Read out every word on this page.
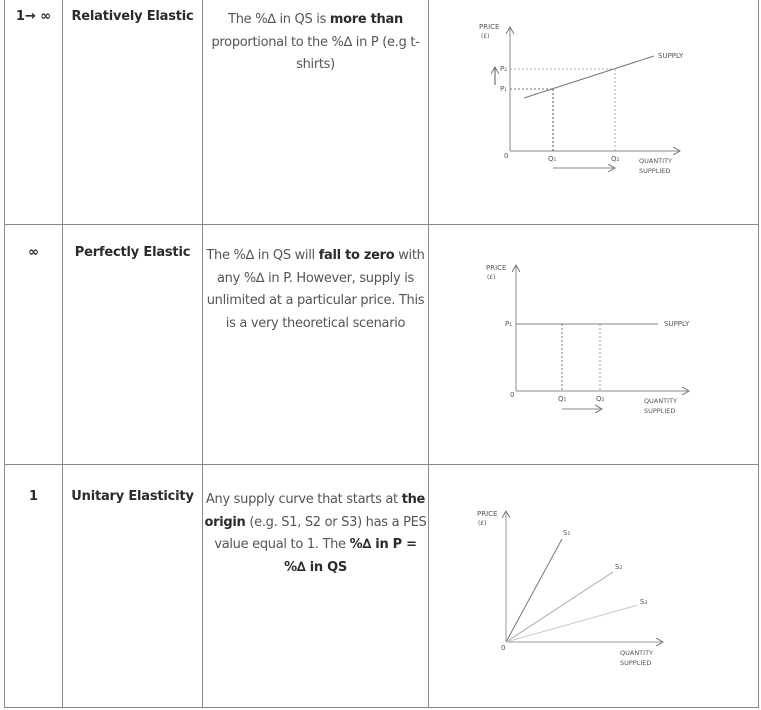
1→ ∞	Relatively Elastic	The %∆ in QS is more than proportional to the %∆ in P (e.g t-shirts)

PRICE
(£)
0
SUPPLY
P₂
P₁
Q₁	Q₂	QUANTITY
SUPPLIED

∞	Perfectly Elastic	The %∆ in QS will fall to zero with any %∆ in P. However, supply is unlimited at a particular price. This is a very theoretical scenario

PRICE
(£)
0
SUPPLY
P₁
Q₁	Q₂	QUANTITY
SUPPLIED

1	Unitary Elasticity	Any supply curve that starts at the origin (e.g. S1, S2 or S3) has a PES value equal to 1. The %∆ in P = %∆ in QS

PRICE
(£)
0
S₁
S₂
S₃
QUANTITY
SUPPLIED
